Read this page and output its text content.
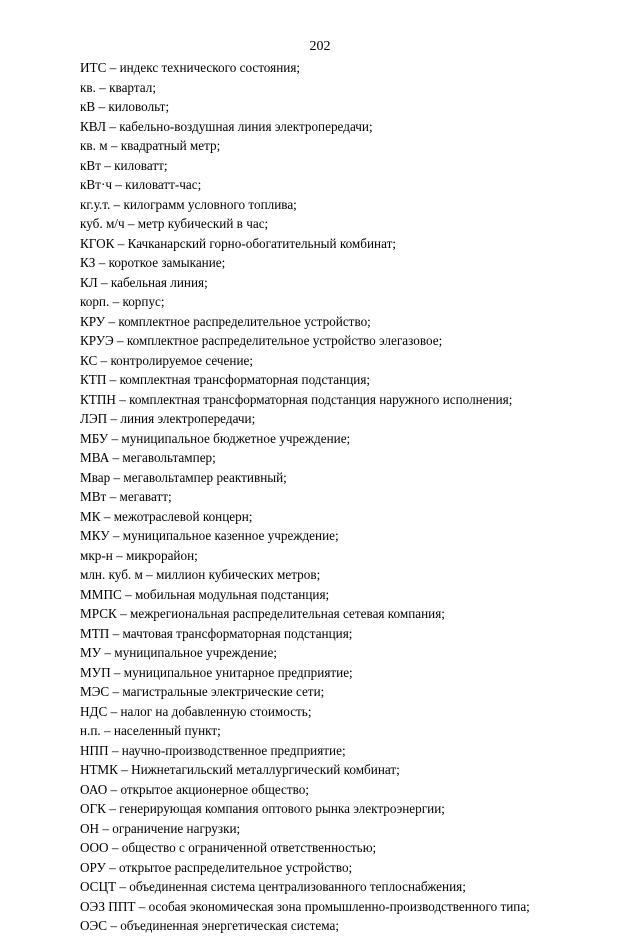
202
ИТС – индекс технического состояния;
кв. – квартал;
кВ – киловольт;
КВЛ – кабельно-воздушная линия электропередачи;
кв. м – квадратный метр;
кВт – киловатт;
кВт·ч – киловатт-час;
кг.у.т. – килограмм условного топлива;
куб. м/ч – метр кубический в час;
КГОК – Качканарский горно-обогатительный комбинат;
КЗ – короткое замыкание;
КЛ – кабельная линия;
корп. – корпус;
КРУ – комплектное распределительное устройство;
КРУЭ – комплектное распределительное устройство элегазовое;
КС – контролируемое сечение;
КТП – комплектная трансформаторная подстанция;
КТПН – комплектная трансформаторная подстанция наружного исполнения;
ЛЭП – линия электропередачи;
МБУ – муниципальное бюджетное учреждение;
МВА – мегавольтампер;
Мвар – мегавольтампер реактивный;
МВт – мегаватт;
МК – межотраслевой концерн;
МКУ – муниципальное казенное учреждение;
мкр-н – микрорайон;
млн. куб. м – миллион кубических метров;
ММПС – мобильная модульная подстанция;
МРСК – межрегиональная распределительная сетевая компания;
МТП – мачтовая трансформаторная подстанция;
МУ – муниципальное учреждение;
МУП – муниципальное унитарное предприятие;
МЭС – магистральные электрические сети;
НДС – налог на добавленную стоимость;
н.п. – населенный пункт;
НПП – научно-производственное предприятие;
НТМК – Нижнетагильский металлургический комбинат;
ОАО – открытое акционерное общество;
ОГК – генерирующая компания оптового рынка электроэнергии;
ОН – ограничение нагрузки;
ООО – общество с ограниченной ответственностью;
ОРУ – открытое распределительное устройство;
ОСЦТ – объединенная система централизованного теплоснабжения;
ОЭЗ ППТ – особая экономическая зона промышленно-производственного типа;
ОЭС – объединенная энергетическая система;
